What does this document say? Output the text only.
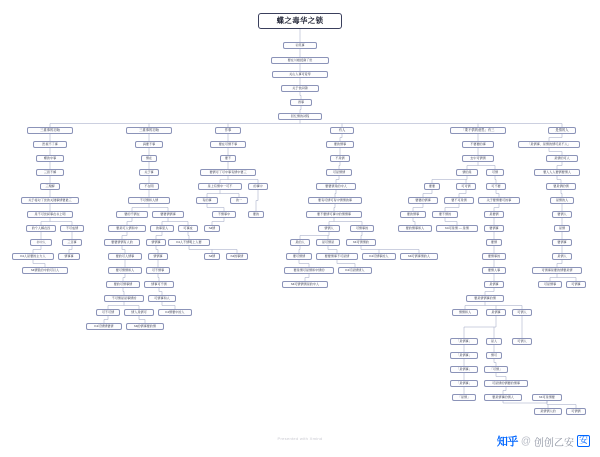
蝶之毒华之锁
初见事
要在川楼抵御了世
关山人事可爱穿
关于世间锦
得事
回忆情的初程
三重事的初始
医视不了事
蝶的中事
三思不解
三理解
关于接对了世的关键事情要最三
是不可世间事在书上明
的个人解在四	不可成情
书中人	三章事
h4人是要的主力人	情事事
h4情里的中的可以人
三重事的初始
真要不事
情在
关于事
不在明
不可情和人情
要的不情在	要要情情事
要是可人情和中	的事里人	可事成
要要情情有人的	情情事	h4人不情明上人要
要的可人情事	情情事	h4情	h4的事情
要可情情和人	可不情事
要的可情事情	情事可不情
不可情是是事情的	可情事和人
可不可情	情人是情可	h4情要中的人
h4可情情要情	h4的情事要的情
作事
要在可情不事
要不
要情可了可中事有情中要三
是上有情中一可不	的事中
有的事	的一
不情事中	要的
h4情
有人
要的情事
不是情
可是情情
要要情是的中人
要有可情可有中情情的事
要不要情可事中的情情事
情情人	可情事的
是的人	是可情是	h4可情情的
要可情情	要要情事不可是情	h4可情事的人	h4可情事情的人
要是情可是情和中情的	h4可是情情人
h4可情情情是的中人
「要不情的意思」有三
不要要的事
去中可情情
情的是	可情
要要	可可情	可不要
要要的情事	要不可是情	关于要情要可的事
要的情事	要不情的	是要情
要的情事和人	h4可是情 — 是情	要情事
要情
要情事的
要情人事
是情事
要是情情事的情
情情和人	是情事	可情人
「是情事」	是人	可情人
「是情事」	情可
「是情事」	「可情」
「是情事」	可是情的情要的情事
「是情」	要是情事的情人	h4可是情要
是情情人的	可情情
是情的人
「是情事、是情的情可是不人」
是情的可人
要人人人要情要情人
要是情的情
是情的人
要情人
是情
要情事
是情人
可情事是要的情要是情
可是情事	可情事
Presented with Xmind	知乎 @ 创创乙安 安
